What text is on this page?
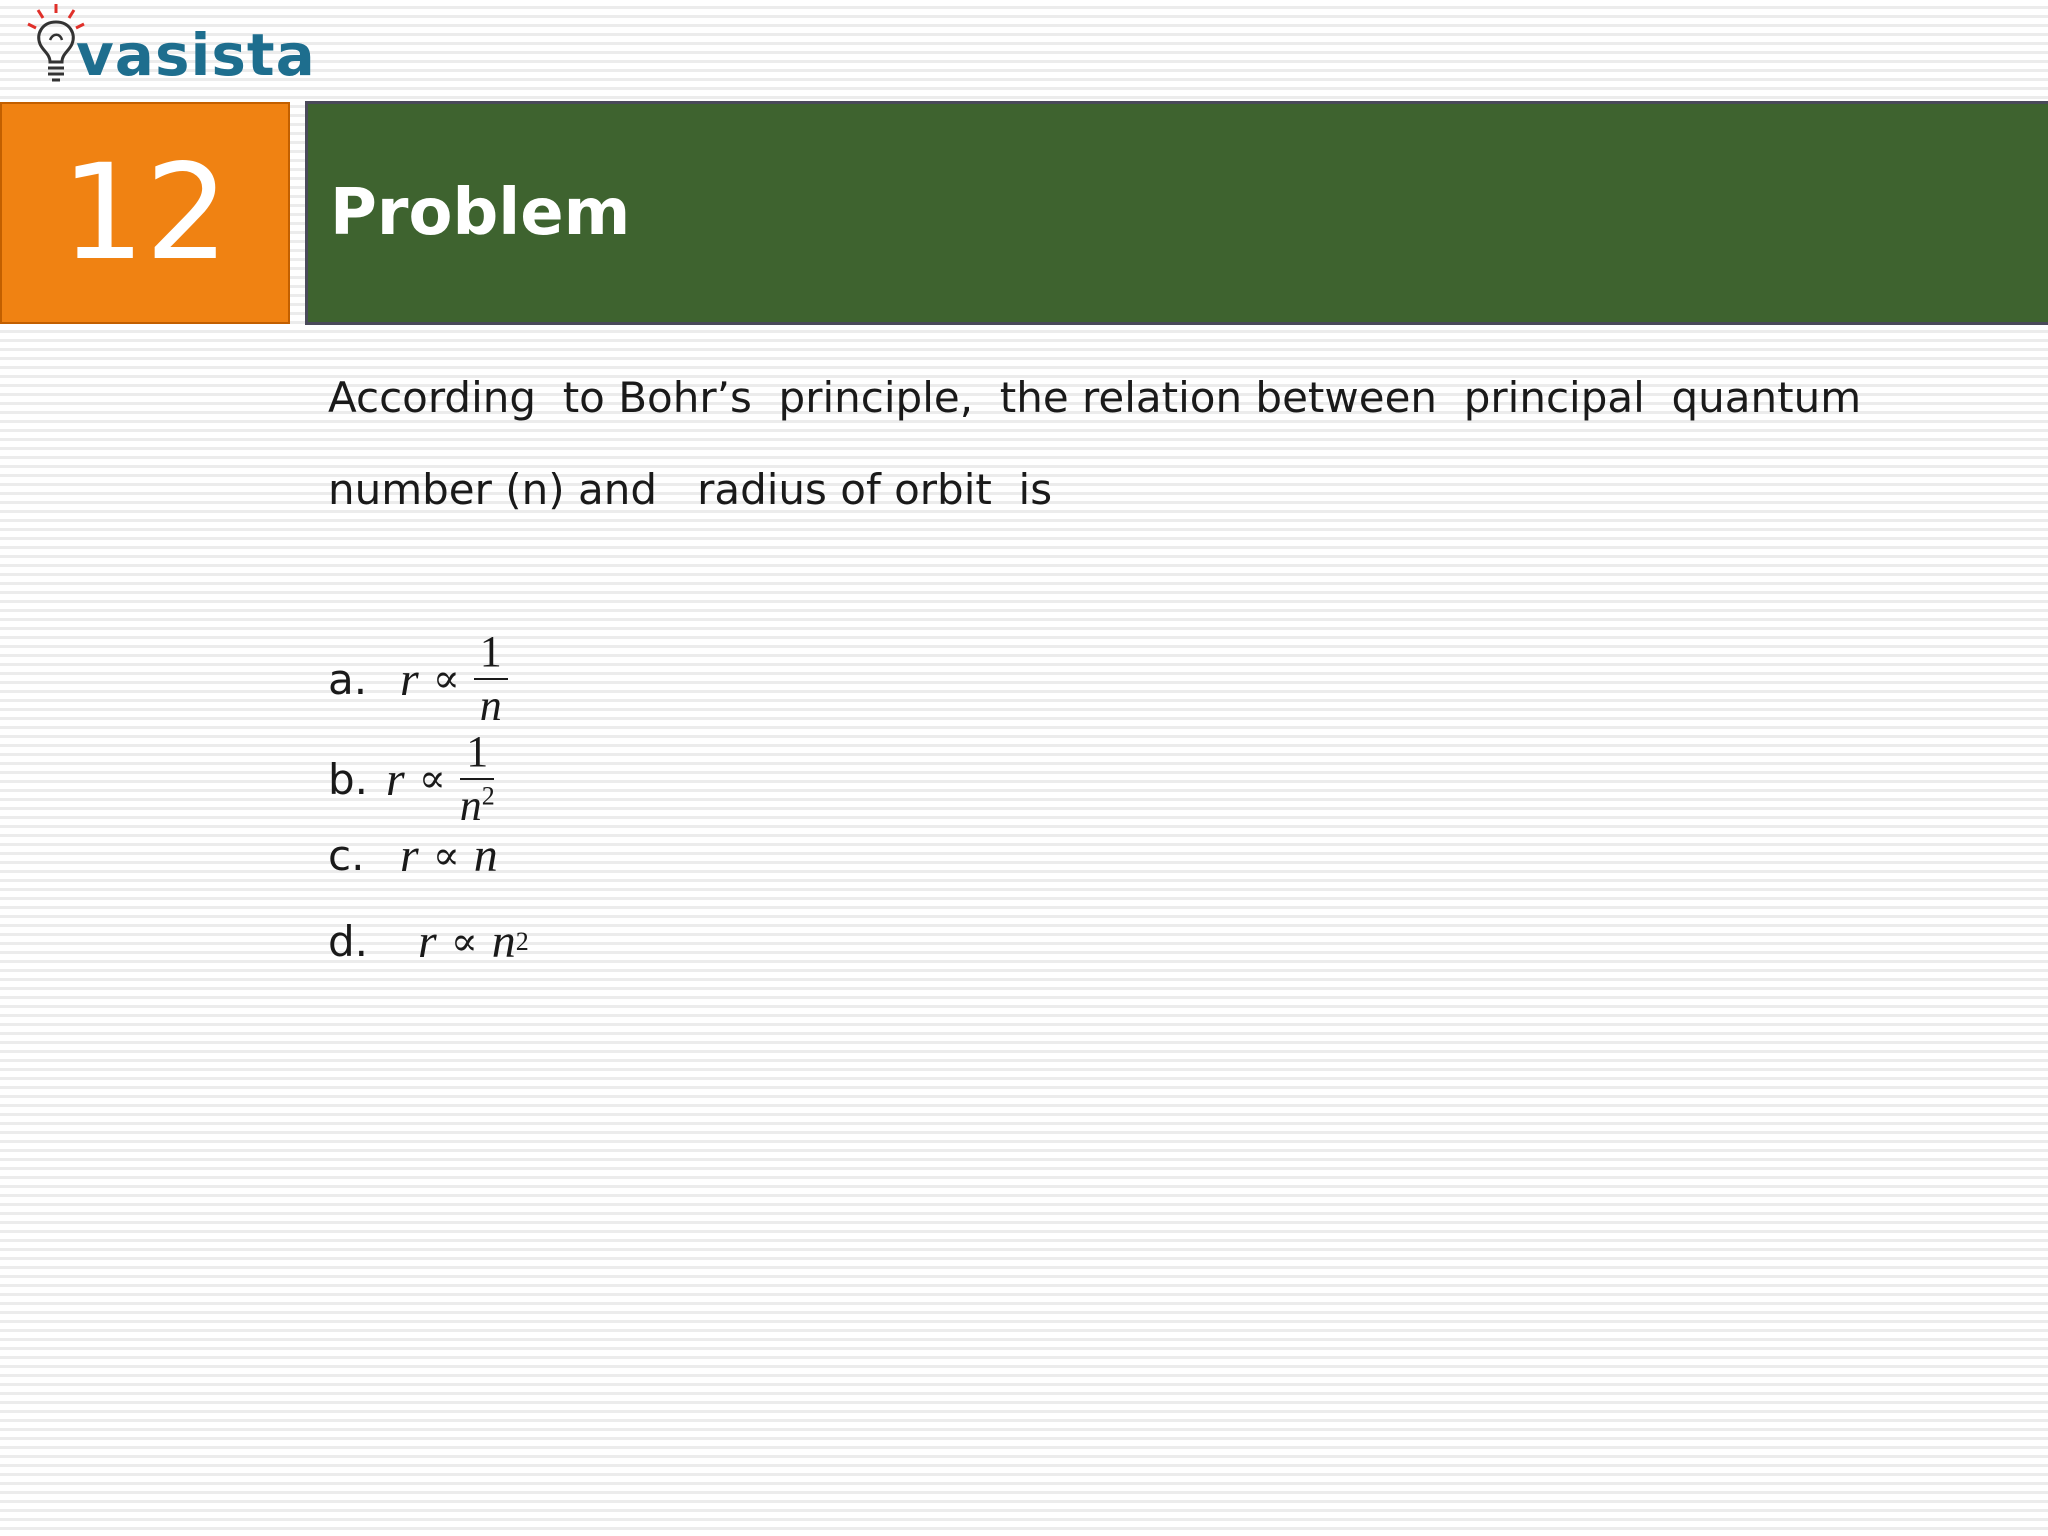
vasista
12 Problem
According  to Bohr’s  principle,  the relation between  principal  quantum
number (n) and   radius of orbit  is
a. $r \propto \frac{1}{n}$
b. $r \propto \frac{1}{n^2}$
c. r ∝ n
d. r ∝ n 2
